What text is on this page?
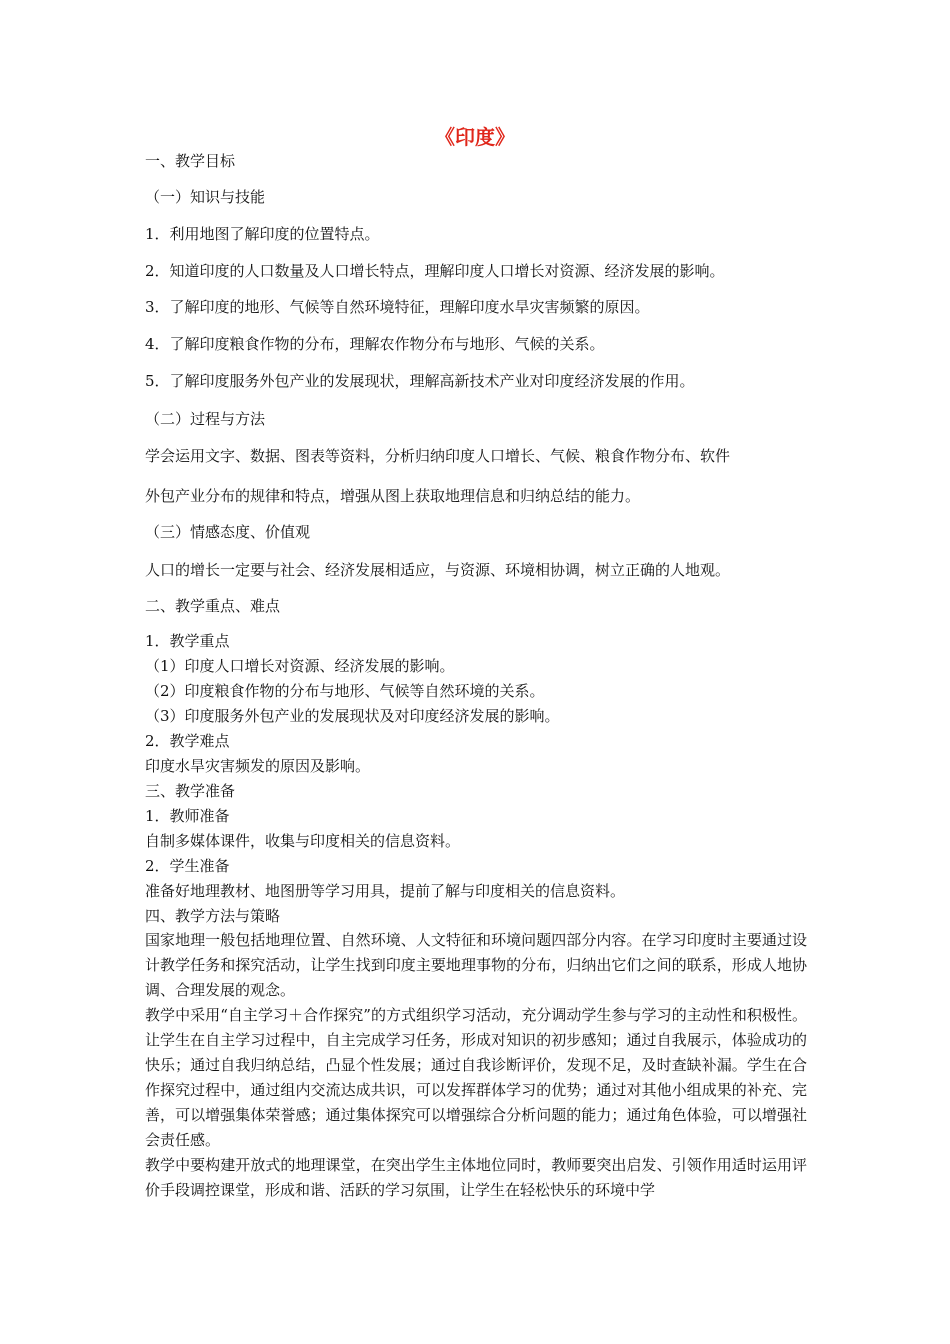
《印度》
一、教学目标
（一）知识与技能
1．利用地图了解印度的位置特点。
2．知道印度的人口数量及人口增长特点，理解印度人口增长对资源、经济发展的影响。
3．了解印度的地形、气候等自然环境特征，理解印度水旱灾害频繁的原因。
4．了解印度粮食作物的分布，理解农作物分布与地形、气候的关系。
5．了解印度服务外包产业的发展现状，理解高新技术产业对印度经济发展的作用。
（二）过程与方法
学会运用文字、数据、图表等资料，分析归纳印度人口增长、气候、粮食作物分布、软件
外包产业分布的规律和特点，增强从图上获取地理信息和归纳总结的能力。
（三）情感态度、价值观
人口的增长一定要与社会、经济发展相适应，与资源、环境相协调，树立正确的人地观。
二、教学重点、难点
1．教学重点
（1）印度人口增长对资源、经济发展的影响。
（2）印度粮食作物的分布与地形、气候等自然环境的关系。
（3）印度服务外包产业的发展现状及对印度经济发展的影响。
2．教学难点
印度水旱灾害频发的原因及影响。
三、教学准备
1．教师准备
自制多媒体课件，收集与印度相关的信息资料。
2．学生准备
准备好地理教材、地图册等学习用具，提前了解与印度相关的信息资料。
四、教学方法与策略
国家地理一般包括地理位置、自然环境、人文特征和环境问题四部分内容。在学习印度时主要通过设计教学任务和探究活动，让学生找到印度主要地理事物的分布，归纳出它们之间的联系，形成人地协调、合理发展的观念。
教学中采用“自主学习＋合作探究”的方式组织学习活动，充分调动学生参与学习的主动性和积极性。让学生在自主学习过程中，自主完成学习任务，形成对知识的初步感知；通过自我展示，体验成功的快乐；通过自我归纳总结，凸显个性发展；通过自我诊断评价，发现不足，及时查缺补漏。学生在合作探究过程中，通过组内交流达成共识，可以发挥群体学习的优势；通过对其他小组成果的补充、完善，可以增强集体荣誉感；通过集体探究可以增强综合分析问题的能力；通过角色体验，可以增强社会责任感。
教学中要构建开放式的地理课堂，在突出学生主体地位同时，教师要突出启发、引领作用适时运用评价手段调控课堂，形成和谐、活跃的学习氛围，让学生在轻松快乐的环境中学
